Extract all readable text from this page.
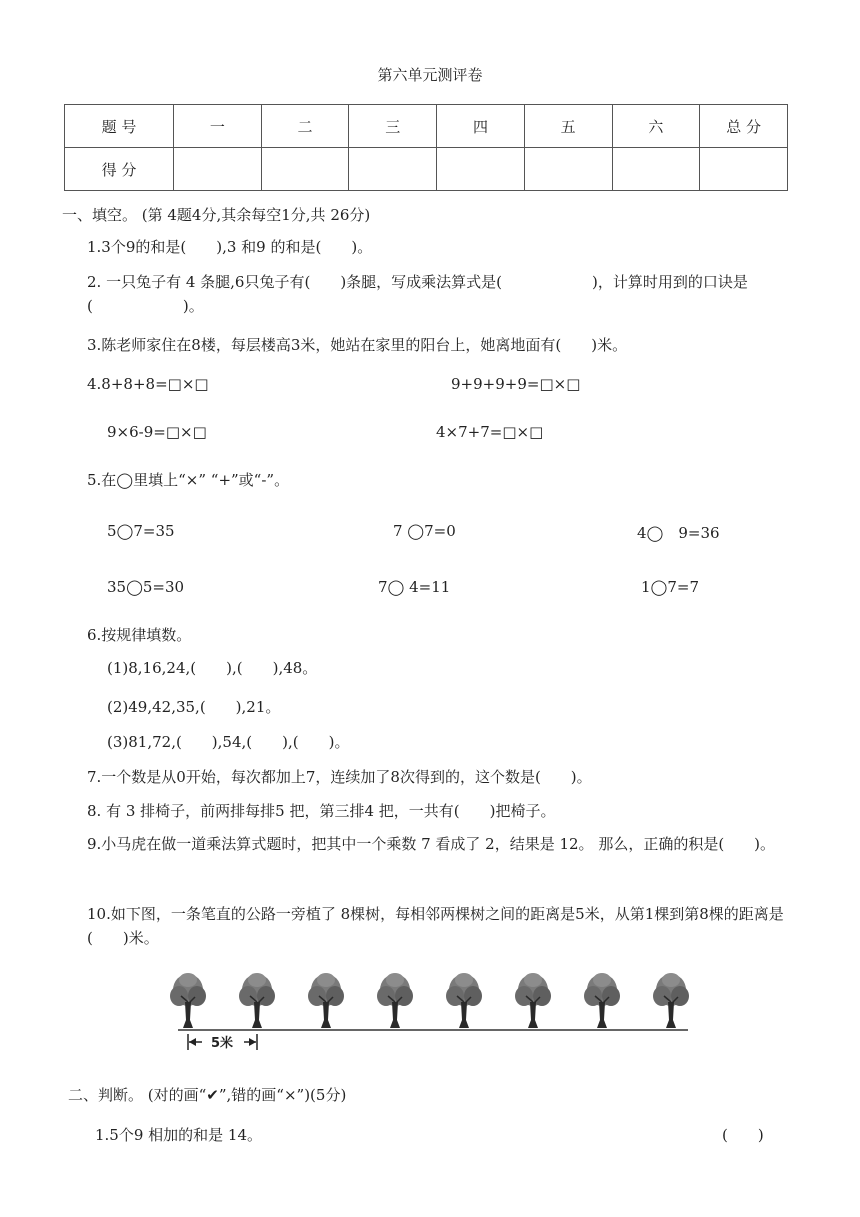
第六单元测评卷
题 号	一	二	三	四	五	六	总 分
得 分							
一、填空。 (第 4题4分,其余每空1分,共 26分)
1.3个9的和是(　　),3 和9 的和是(　　)。
2. 一只兔子有 4 条腿,6只兔子有(　　)条腿，写成乘法算式是(　　　　　　)，计算时用到的口诀是(　　　　　　)。
3.陈老师家住在8楼，每层楼高3米，她站在家里的阳台上，她离地面有(　　)米。
4.8+8+8=□×□	9+9+9+9=□×□
9×6-9=□×□	4×7+7=□×□
5.在◯里填上“×” “+”或“-”。
5◯7=35	7 ◯7=0	4◯　9=36
35◯5=30	7◯ 4=11	1◯7=7
6.按规律填数。
(1)8,16,24,(　　),(　　),48。
(2)49,42,35,(　　),21。
(3)81,72,(　　),54,(　　),(　　)。
7.一个数是从0开始，每次都加上7，连续加了8次得到的，这个数是(　　)。
8. 有 3 排椅子，前两排每排5 把，第三排4 把，一共有(　　)把椅子。
9.小马虎在做一道乘法算式题时，把其中一个乘数 7 看成了 2，结果是 12。 那么，正确的积是(　　)。
10.如下图，一条笔直的公路一旁植了 8棵树，每相邻两棵树之间的距离是5米，从第1棵到第8棵的距离是(　　)米。
5米
二、判断。 (对的画“✔”,错的画“×”)(5分)
1.5个9 相加的和是 14。	(　　)
